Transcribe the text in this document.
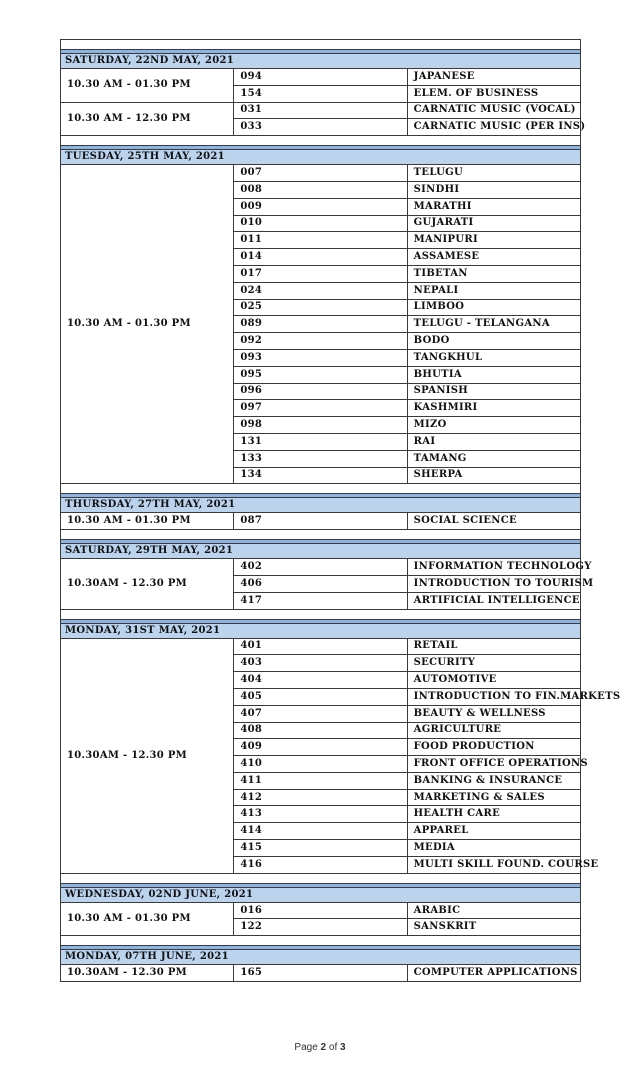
SATURDAY, 22ND MAY, 2021		
10.30 AM - 01.30 PM	094	JAPANESE
	154	ELEM. OF BUSINESS
10.30 AM - 12.30 PM	031	CARNATIC MUSIC (VOCAL)
	033	CARNATIC MUSIC (PER INS)

TUESDAY, 25TH MAY, 2021		
10.30 AM - 01.30 PM	007	TELUGU
	008	SINDHI
	009	MARATHI
	010	GUJARATI
	011	MANIPURI
	014	ASSAMESE
	017	TIBETAN
	024	NEPALI
	025	LIMBOO
	089	TELUGU - TELANGANA
	092	BODO
	093	TANGKHUL
	095	BHUTIA
	096	SPANISH
	097	KASHMIRI
	098	MIZO
	131	RAI
	133	TAMANG
	134	SHERPA

THURSDAY, 27TH MAY, 2021		
10.30 AM - 01.30 PM	087	SOCIAL SCIENCE

SATURDAY, 29TH MAY, 2021		
10.30AM - 12.30 PM	402	INFORMATION TECHNOLOGY
	406	INTRODUCTION TO TOURISM
	417	ARTIFICIAL INTELLIGENCE

MONDAY, 31ST MAY, 2021		
10.30AM - 12.30 PM	401	RETAIL
	403	SECURITY
	404	AUTOMOTIVE
	405	INTRODUCTION TO FIN.MARKETS
	407	BEAUTY & WELLNESS
	408	AGRICULTURE
	409	FOOD PRODUCTION
	410	FRONT OFFICE OPERATIONS
	411	BANKING & INSURANCE
	412	MARKETING & SALES
	413	HEALTH CARE
	414	APPAREL
	415	MEDIA
	416	MULTI SKILL FOUND. COURSE

WEDNESDAY, 02ND JUNE, 2021		
10.30 AM - 01.30 PM	016	ARABIC
	122	SANSKRIT

MONDAY, 07TH JUNE, 2021		
10.30AM - 12.30 PM	165	COMPUTER APPLICATIONS
Page 2 of 3
